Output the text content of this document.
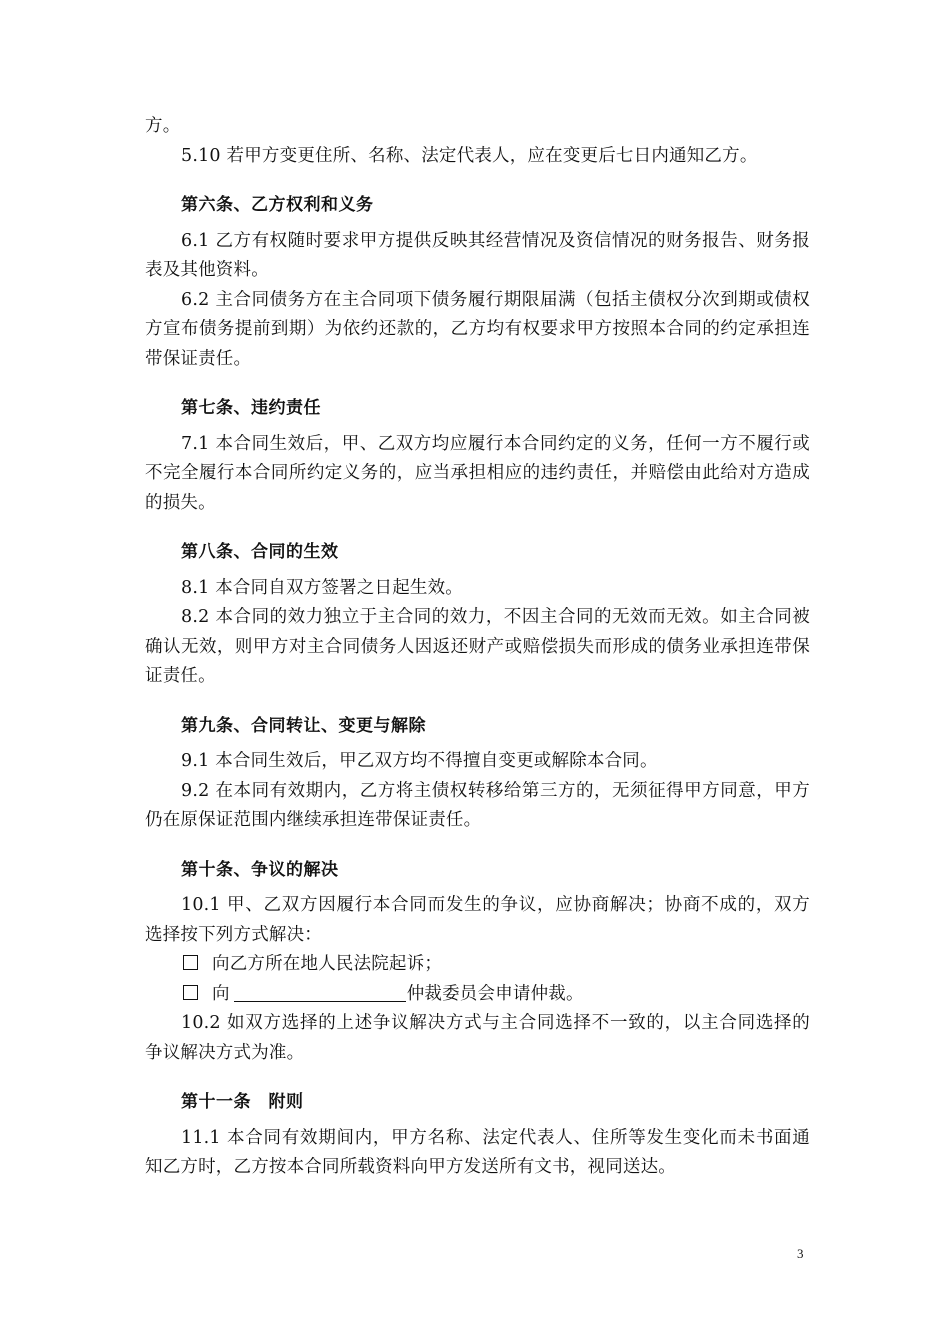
方。

5.10 若甲方变更住所、名称、法定代表人，应在变更后七日内通知乙方。

第六条、乙方权利和义务

6.1 乙方有权随时要求甲方提供反映其经营情况及资信情况的财务报告、财务报表及其他资料。

6.2 主合同债务方在主合同项下债务履行期限届满（包括主债权分次到期或债权方宣布债务提前到期）为依约还款的，乙方均有权要求甲方按照本合同的约定承担连带保证责任。

第七条、违约责任

7.1 本合同生效后，甲、乙双方均应履行本合同约定的义务，任何一方不履行或不完全履行本合同所约定义务的，应当承担相应的违约责任，并赔偿由此给对方造成的损失。

第八条、合同的生效

8.1 本合同自双方签署之日起生效。

8.2 本合同的效力独立于主合同的效力，不因主合同的无效而无效。如主合同被确认无效，则甲方对主合同债务人因返还财产或赔偿损失而形成的债务业承担连带保证责任。

第九条、合同转让、变更与解除

9.1 本合同生效后，甲乙双方均不得擅自变更或解除本合同。

9.2 在本同有效期内，乙方将主债权转移给第三方的，无须征得甲方同意，甲方仍在原保证范围内继续承担连带保证责任。

第十条、争议的解决

10.1 甲、乙双方因履行本合同而发生的争议，应协商解决；协商不成的，双方选择按下列方式解决：

向乙方所在地人民法院起诉；

向	仲裁委员会申请仲裁。

10.2 如双方选择的上述争议解决方式与主合同选择不一致的，以主合同选择的争议解决方式为准。

第十一条　附则

11.1 本合同有效期间内，甲方名称、法定代表人、住所等发生变化而未书面通知乙方时，乙方按本合同所载资料向甲方发送所有文书，视同送达。

3
